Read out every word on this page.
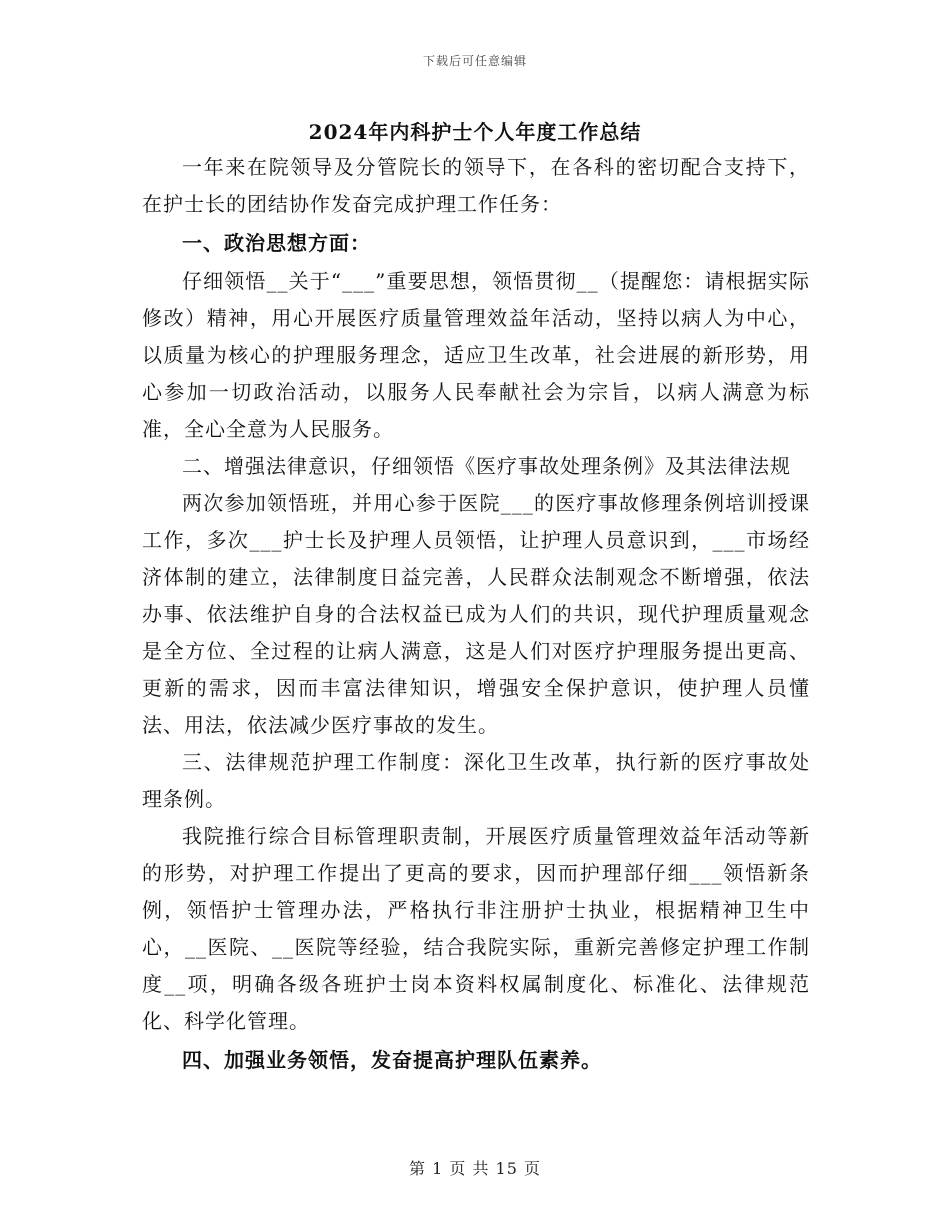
下载后可任意编辑
2024年内科护士个人年度工作总结

一年来在院领导及分管院长的领导下，在各科的密切配合支持下，在护士长的团结协作发奋完成护理工作任务：

一、政治思想方面：

仔细领悟__关于“___”重要思想，领悟贯彻__（提醒您：请根据实际修改）精神，用心开展医疗质量管理效益年活动，坚持以病人为中心，以质量为核心的护理服务理念，适应卫生改革，社会进展的新形势，用心参加一切政治活动，以服务人民奉献社会为宗旨，以病人满意为标准，全心全意为人民服务。

二、增强法律意识，仔细领悟《医疗事故处理条例》及其法律法规

两次参加领悟班，并用心参于医院___的医疗事故修理条例培训授课工作，多次___护士长及护理人员领悟，让护理人员意识到，___市场经济体制的建立，法律制度日益完善，人民群众法制观念不断增强，依法办事、依法维护自身的合法权益已成为人们的共识，现代护理质量观念是全方位、全过程的让病人满意，这是人们对医疗护理服务提出更高、更新的需求，因而丰富法律知识，增强安全保护意识，使护理人员懂法、用法，依法减少医疗事故的发生。

三、法律规范护理工作制度：深化卫生改革，执行新的医疗事故处理条例。

我院推行综合目标管理职责制，开展医疗质量管理效益年活动等新的形势，对护理工作提出了更高的要求，因而护理部仔细___领悟新条例，领悟护士管理办法，严格执行非注册护士执业，根据精神卫生中心，__医院、__医院等经验，结合我院实际，重新完善修定护理工作制度__项，明确各级各班护士岗本资料权属制度化、标准化、法律规范化、科学化管理。

四、加强业务领悟，发奋提高护理队伍素养。

第 1 页 共 15 页
